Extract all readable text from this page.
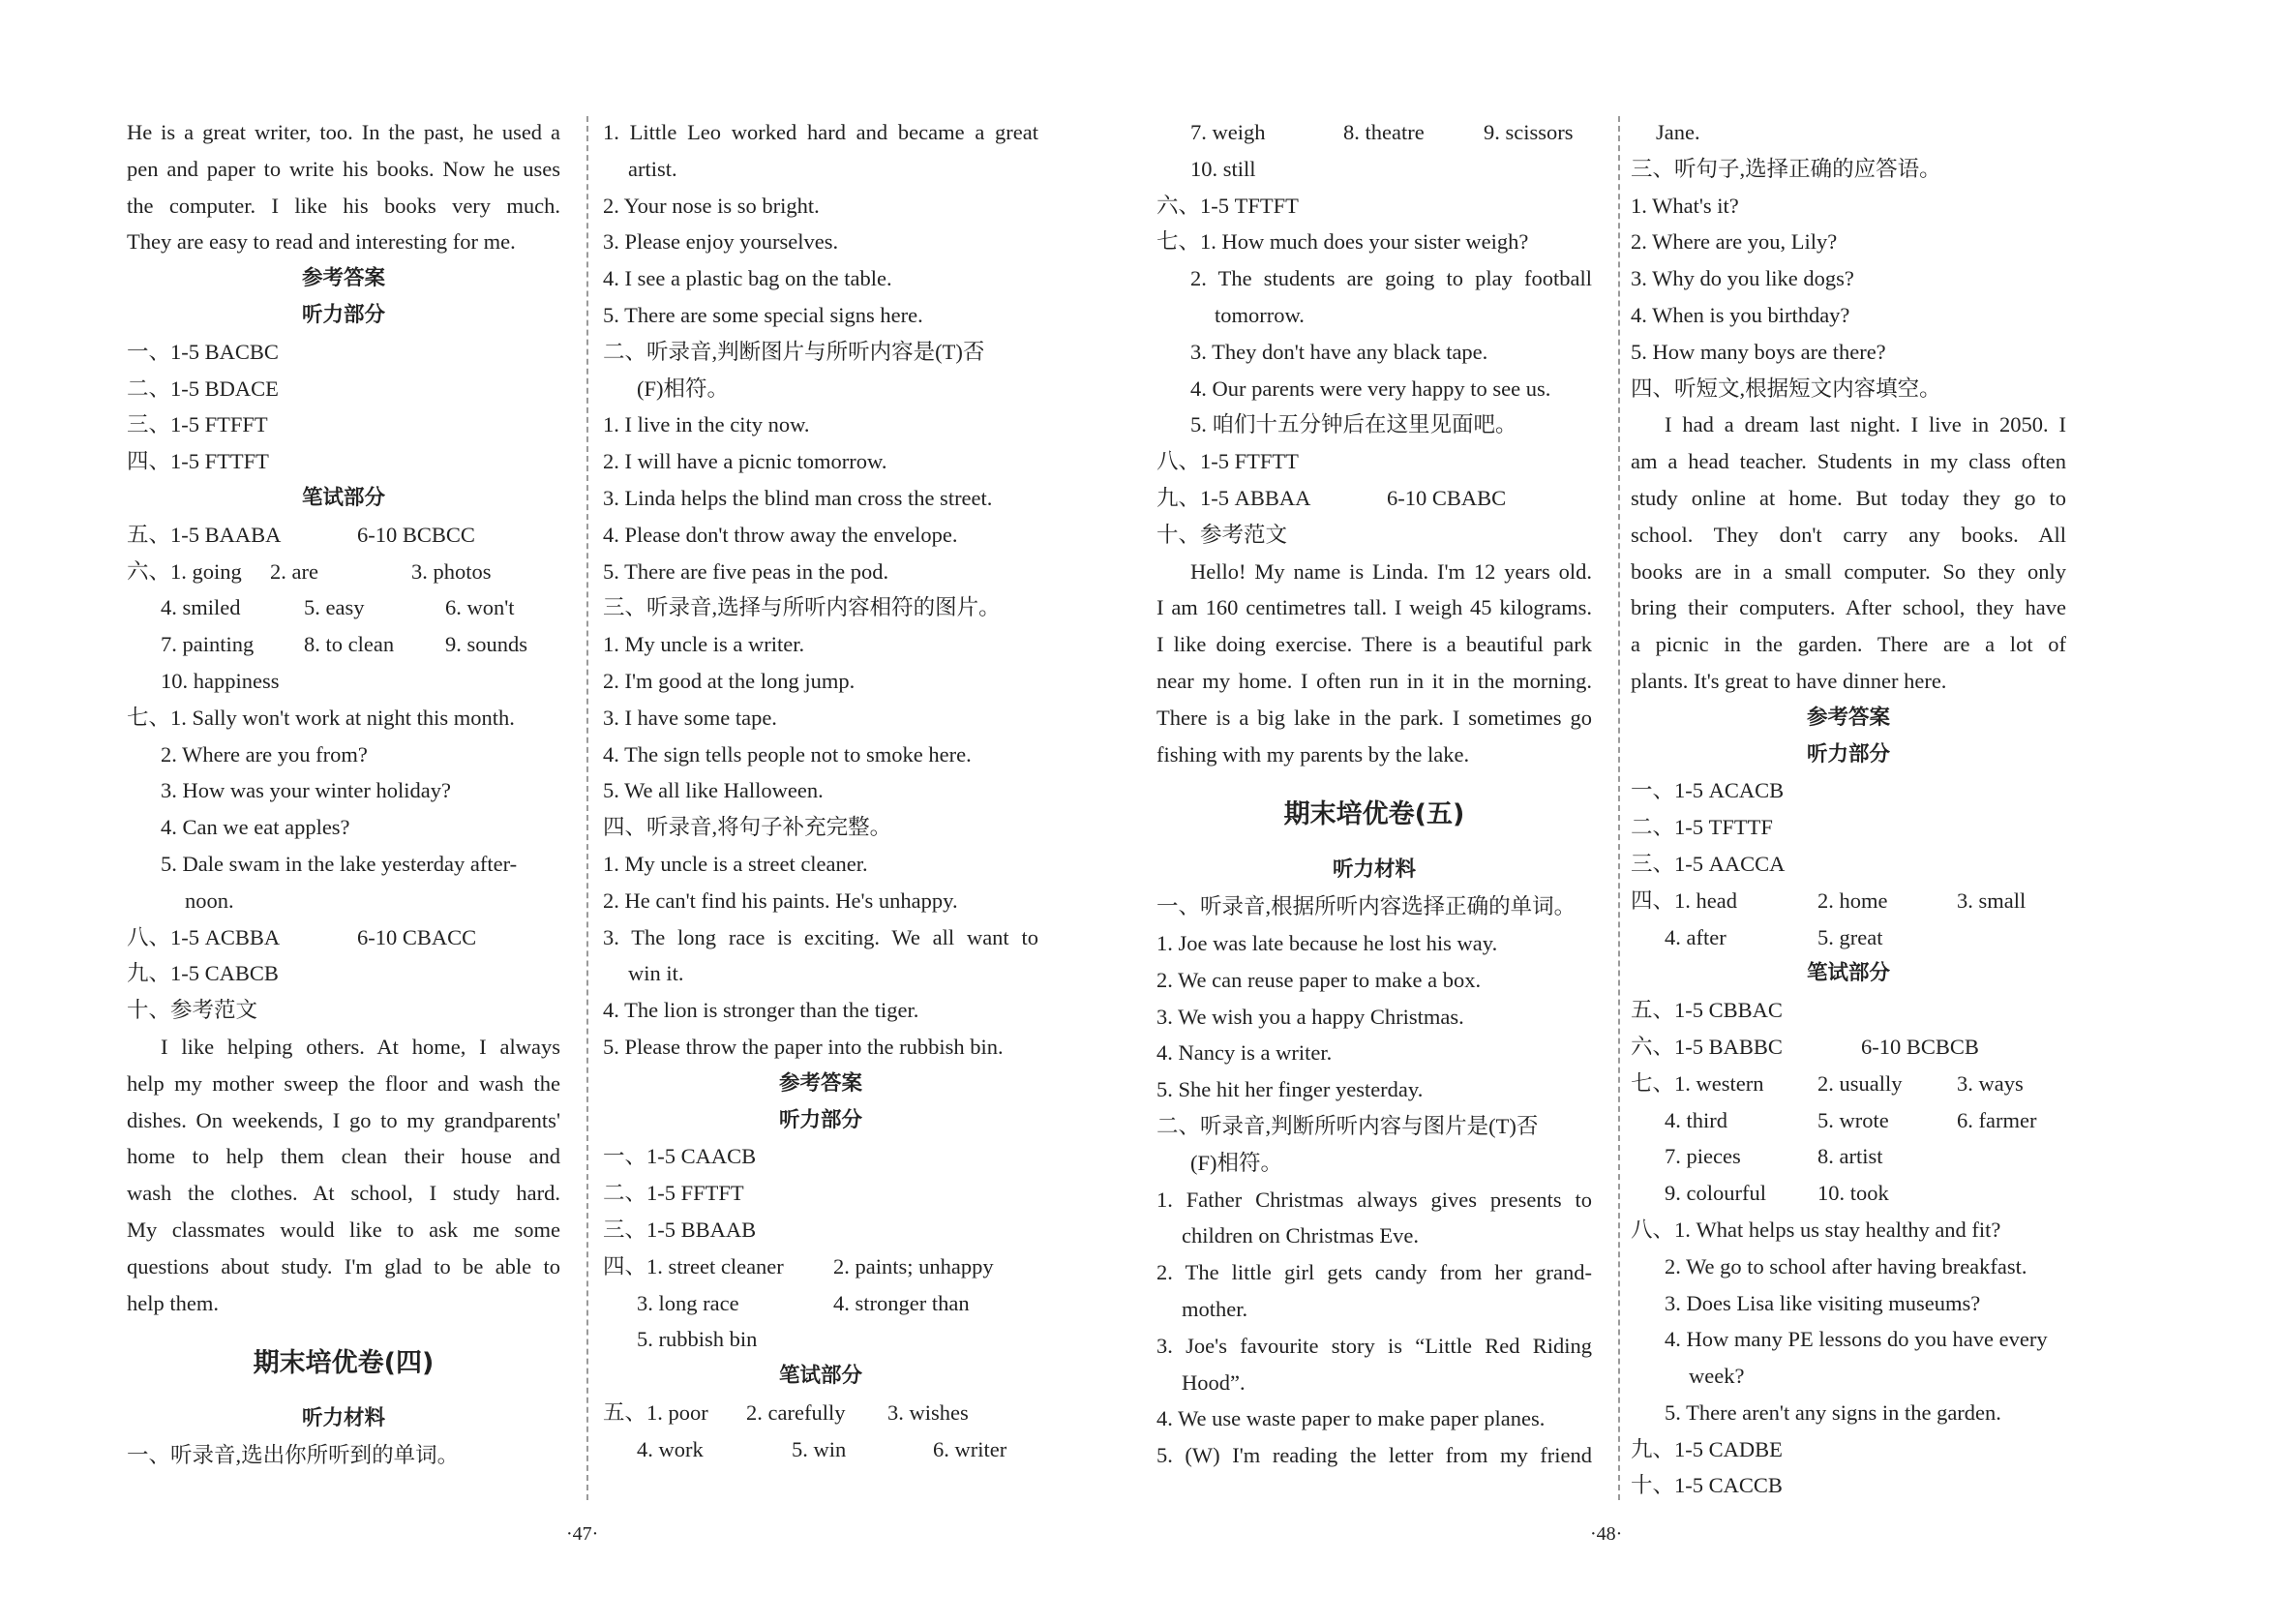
He is a great writer, too. In the past, he used a
pen and paper to write his books. Now he uses
the computer. I like his books very much.
They are easy to read and interesting for me.
参考答案
听力部分
一、1-5 BACBC
二、1-5 BDACE
三、1-5 FTFFT
四、1-5 FTTFT
笔试部分
五、1-5 BAABA	6-10 BCBCC
六、1. going	2. are	3. photos
4. smiled	5. easy	6. won't
7. painting	8. to clean	9. sounds
10. happiness
七、1. Sally won't work at night this month.
2. Where are you from?
3. How was your winter holiday?
4. Can we eat apples?
5. Dale swam in the lake yesterday after-
noon.
八、1-5 ACBBA	6-10 CBACC
九、1-5 CABCB
十、参考范文
I like helping others. At home, I always
help my mother sweep the floor and wash the
dishes. On weekends, I go to my grandparents'
home to help them clean their house and
wash the clothes. At school, I study hard.
My classmates would like to ask me some
questions about study. I'm glad to be able to
help them.
期末培优卷(四)
听力材料
一、听录音,选出你所听到的单词。
1. Little Leo worked hard and became a great
artist.
2. Your nose is so bright.
3. Please enjoy yourselves.
4. I see a plastic bag on the table.
5. There are some special signs here.
二、听录音,判断图片与所听内容是(T)否
(F)相符。
1. I live in the city now.
2. I will have a picnic tomorrow.
3. Linda helps the blind man cross the street.
4. Please don't throw away the envelope.
5. There are five peas in the pod.
三、听录音,选择与所听内容相符的图片。
1. My uncle is a writer.
2. I'm good at the long jump.
3. I have some tape.
4. The sign tells people not to smoke here.
5. We all like Halloween.
四、听录音,将句子补充完整。
1. My uncle is a street cleaner.
2. He can't find his paints. He's unhappy.
3. The long race is exciting. We all want to
win it.
4. The lion is stronger than the tiger.
5. Please throw the paper into the rubbish bin.
参考答案
听力部分
一、1-5 CAACB
二、1-5 FFTFT
三、1-5 BBAAB
四、1. street cleaner	2. paints; unhappy
3. long race	4. stronger than
5. rubbish bin
笔试部分
五、1. poor	2. carefully	3. wishes
4. work	5. win	6. writer
·47·
7. weigh	8. theatre	9. scissors
10. still
六、1-5 TFTFT
七、1. How much does your sister weigh?
2. The students are going to play football
tomorrow.
3. They don't have any black tape.
4. Our parents were very happy to see us.
5. 咱们十五分钟后在这里见面吧。
八、1-5 FTFTT
九、1-5 ABBAA	6-10 CBABC
十、参考范文
Hello! My name is Linda. I'm 12 years old.
I am 160 centimetres tall. I weigh 45 kilograms.
I like doing exercise. There is a beautiful park
near my home. I often run in it in the morning.
There is a big lake in the park. I sometimes go
fishing with my parents by the lake.
期末培优卷(五)
听力材料
一、听录音,根据所听内容选择正确的单词。
1. Joe was late because he lost his way.
2. We can reuse paper to make a box.
3. We wish you a happy Christmas.
4. Nancy is a writer.
5. She hit her finger yesterday.
二、听录音,判断所听内容与图片是(T)否
(F)相符。
1. Father Christmas always gives presents to
children on Christmas Eve.
2. The little girl gets candy from her grand-
mother.
3. Joe's favourite story is “Little Red Riding
Hood”.
4. We use waste paper to make paper planes.
5. (W) I'm reading the letter from my friend
Jane.
三、听句子,选择正确的应答语。
1. What's it?
2. Where are you, Lily?
3. Why do you like dogs?
4. When is you birthday?
5. How many boys are there?
四、听短文,根据短文内容填空。
I had a dream last night. I live in 2050. I
am a head teacher. Students in my class often
study online at home. But today they go to
school. They don't carry any books. All
books are in a small computer. So they only
bring their computers. After school, they have
a picnic in the garden. There are a lot of
plants. It's great to have dinner here.
参考答案
听力部分
一、1-5 ACACB
二、1-5 TFTTF
三、1-5 AACCA
四、1. head	2. home	3. small
4. after	5. great
笔试部分
五、1-5 CBBAC
六、1-5 BABBC	6-10 BCBCB
七、1. western	2. usually	3. ways
4. third	5. wrote	6. farmer
7. pieces	8. artist
9. colourful	10. took
八、1. What helps us stay healthy and fit?
2. We go to school after having breakfast.
3. Does Lisa like visiting museums?
4. How many PE lessons do you have every
week?
5. There aren't any signs in the garden.
九、1-5 CADBE
十、1-5 CACCB
·48·
